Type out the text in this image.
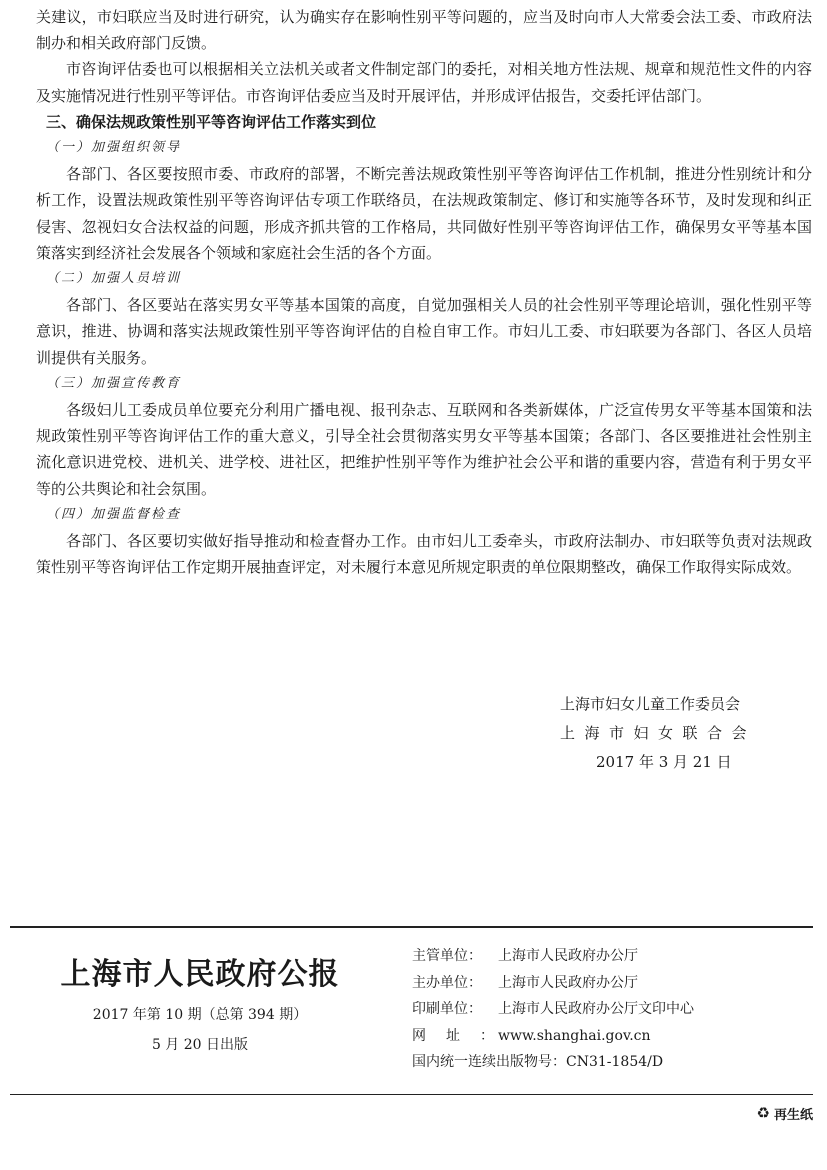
关建议，市妇联应当及时进行研究，认为确实存在影响性别平等问题的，应当及时向市人大常委会法工委、市政府法制办和相关政府部门反馈。

市咨询评估委也可以根据相关立法机关或者文件制定部门的委托，对相关地方性法规、规章和规范性文件的内容及实施情况进行性别平等评估。市咨询评估委应当及时开展评估，并形成评估报告，交委托评估部门。

三、确保法规政策性别平等咨询评估工作落实到位

（一）加强组织领导

各部门、各区要按照市委、市政府的部署，不断完善法规政策性别平等咨询评估工作机制，推进分性别统计和分析工作，设置法规政策性别平等咨询评估专项工作联络员，在法规政策制定、修订和实施等各环节，及时发现和纠正侵害、忽视妇女合法权益的问题，形成齐抓共管的工作格局，共同做好性别平等咨询评估工作，确保男女平等基本国策落实到经济社会发展各个领域和家庭社会生活的各个方面。

（二）加强人员培训

各部门、各区要站在落实男女平等基本国策的高度，自觉加强相关人员的社会性别平等理论培训，强化性别平等意识，推进、协调和落实法规政策性别平等咨询评估的自检自审工作。市妇儿工委、市妇联要为各部门、各区人员培训提供有关服务。

（三）加强宣传教育

各级妇儿工委成员单位要充分利用广播电视、报刊杂志、互联网和各类新媒体，广泛宣传男女平等基本国策和法规政策性别平等咨询评估工作的重大意义，引导全社会贯彻落实男女平等基本国策；各部门、各区要推进社会性别主流化意识进党校、进机关、进学校、进社区，把维护性别平等作为维护社会公平和谐的重要内容，营造有利于男女平等的公共舆论和社会氛围。

（四）加强监督检查

各部门、各区要切实做好指导推动和检查督办工作。由市妇儿工委牵头，市政府法制办、市妇联等负责对法规政策性别平等咨询评估工作定期开展抽查评定，对未履行本意见所规定职责的单位限期整改，确保工作取得实际成效。

上海市妇女儿童工作委员会
上海市妇女联合会
2017 年 3 月 21 日
上海市人民政府公报
2017 年第 10 期（总第 394 期）
5 月 20 日出版
主管单位： 上海市人民政府办公厅
主办单位： 上海市人民政府办公厅
印刷单位： 上海市人民政府办公厅文印中心
网址：www.shanghai.gov.cn
国内统一连续出版物号：CN31-1854/D
♻ 再生纸
